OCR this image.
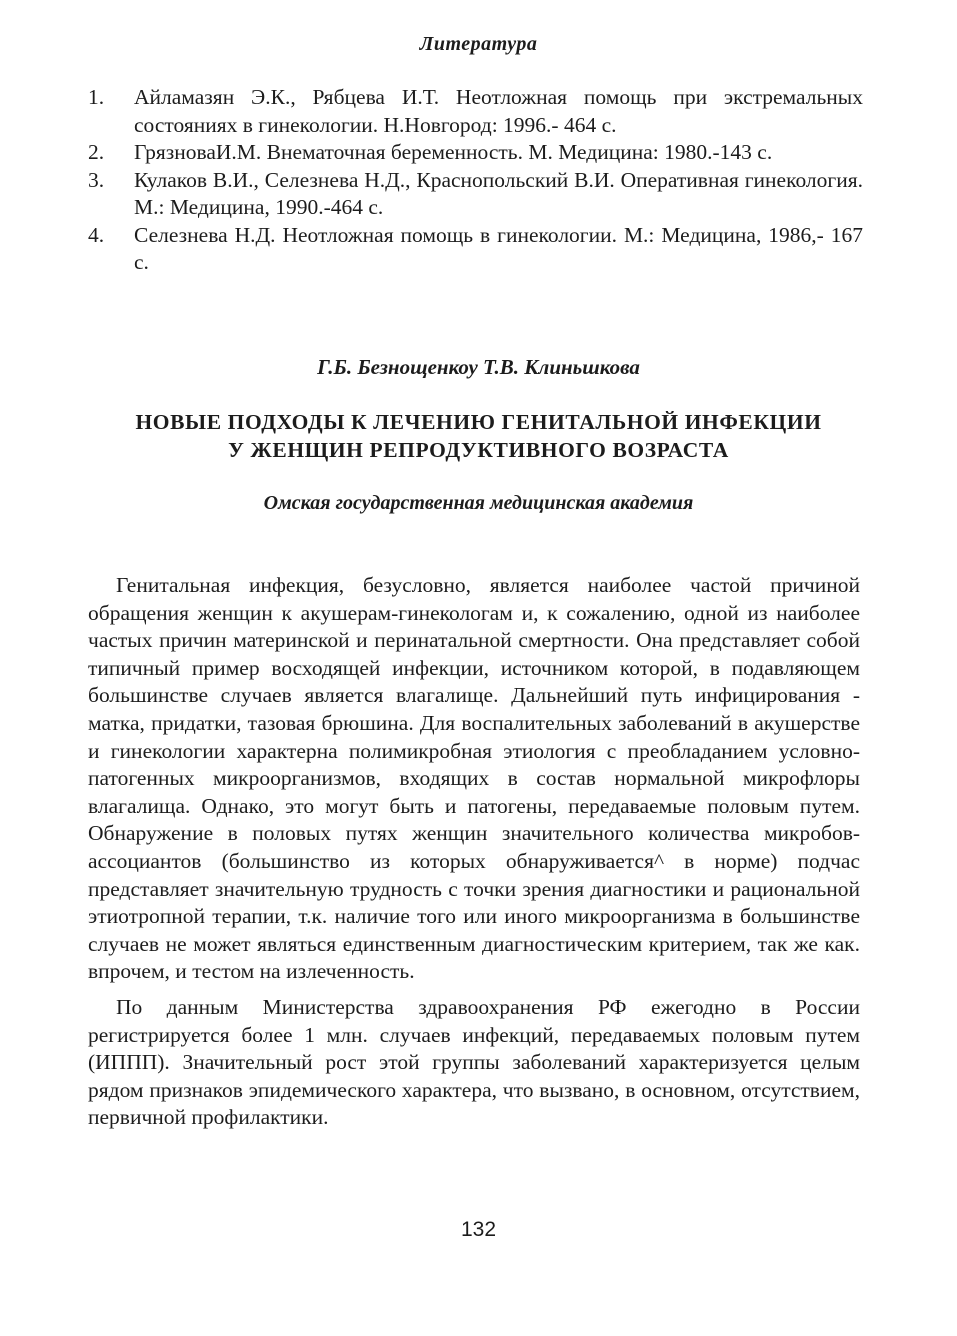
Литература
1. Айламазян Э.К., Рябцева И.Т. Неотложная помощь при экстремальных состояниях в гинекологии. Н.Новгород: 1996.- 464 с.
2. ГрязноваИ.М. Внематочная беременность. М. Медицина: 1980.-143 с.
3. Кулаков В.И., Селезнева Н.Д., Краснопольский В.И. Оперативная гинекология. М.: Медицина, 1990.-464 с.
4. Селезнева Н.Д. Неотложная помощь в гинекологии. М.: Медицина, 1986,- 167 с.
Г.Б. Безнощенкоу Т.В. Клиньшкова
НОВЫЕ ПОДХОДЫ К ЛЕЧЕНИЮ ГЕНИТАЛЬНОЙ ИНФЕКЦИИ
У ЖЕНЩИН РЕПРОДУКТИВНОГО ВОЗРАСТА
Омская государственная медицинская академия

Генитальная инфекция, безусловно, является наиболее частой причиной обращения женщин к акушерам-гинекологам и, к сожалению, одной из наиболее частых причин материнской и перинатальной смертности. Она представляет собой типичный пример восходящей инфекции, источником которой, в подавляющем большинстве случаев является влагалище. Дальнейший путь инфицирования - матка, придатки, тазовая брюшина. Для воспалительных заболеваний в акушерстве и гинекологии характерна полимикробная этиология с преобладанием условно-патогенных микроорганизмов, входящих в состав нормальной микрофлоры влагалища. Однако, это могут быть и патогены, передаваемые половым путем. Обнаружение в половых путях женщин значительного количества микробов-ассоциантов (большинство из которых обнаруживается^ в норме) подчас представляет значительную трудность с точки зрения диагностики и рациональной этиотропной терапии, т.к. наличие того или иного микроорганизма в большинстве случаев не может являться единственным диагностическим критерием, так же как. впрочем, и тестом на излеченность.

По данным Министерства здравоохранения РФ ежегодно в России регистрируется более 1 млн. случаев инфекций, передаваемых половым путем (ИППП). Значительный рост этой группы заболеваний характеризуется целым рядом признаков эпидемического характера, что вызвано, в основном, отсутствием, первичной профилактики.

132
